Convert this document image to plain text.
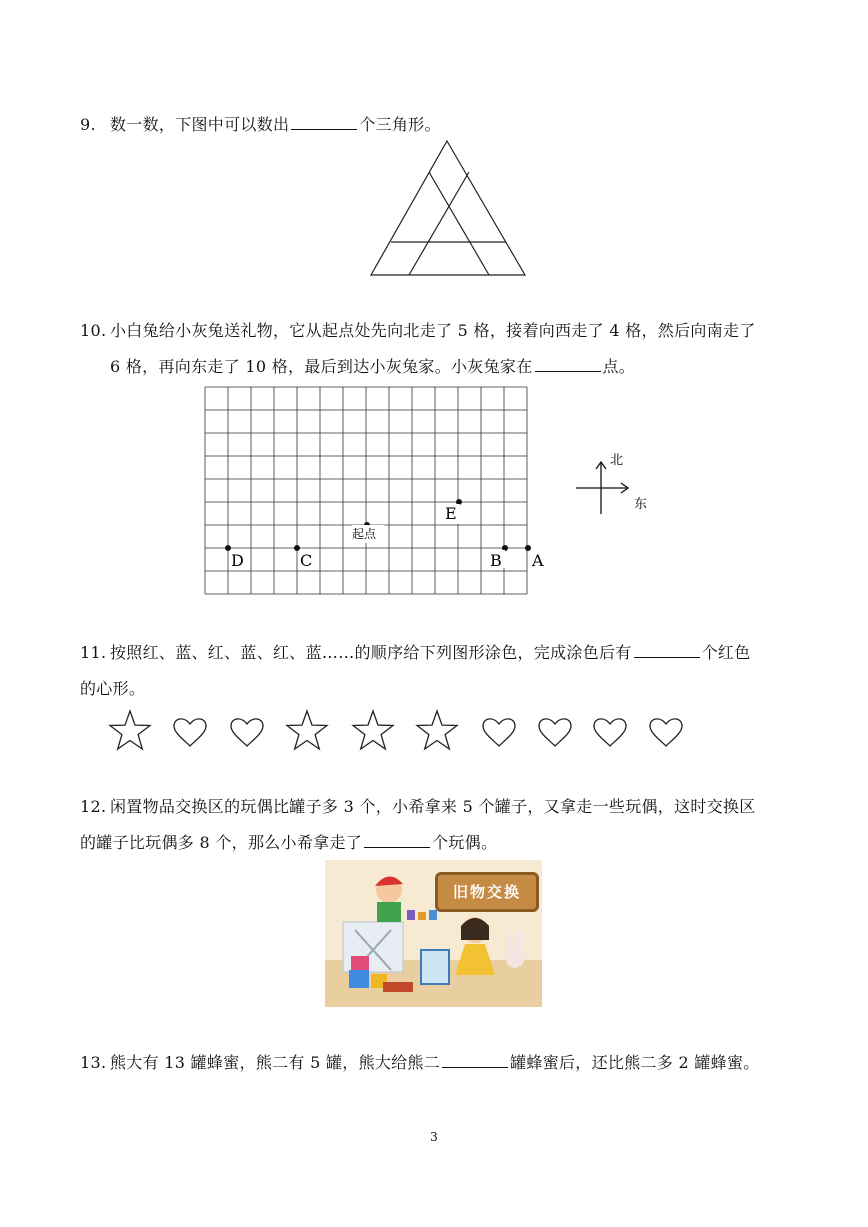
9. 数一数，下图中可以数出	个三角形。
10. 小白兔给小灰兔送礼物，它从起点处先向北走了 5 格，接着向西走了 4 格，然后向南走了
6 格，再向东走了 10 格，最后到达小灰兔家。小灰兔家在	点。
起点
E
D	C	B A
北
东
11. 按照红、蓝、红、蓝、红、蓝……的顺序给下列图形涂色，完成涂色后有	个红色
的心形。
12. 闲置物品交换区的玩偶比罐子多 3 个，小希拿来 5 个罐子，又拿走一些玩偶，这时交换区
的罐子比玩偶多 8 个，那么小希拿走了	个玩偶。
旧物交换
13. 熊大有 13 罐蜂蜜，熊二有 5 罐，熊大给熊二	罐蜂蜜后，还比熊二多 2 罐蜂蜜。
3
